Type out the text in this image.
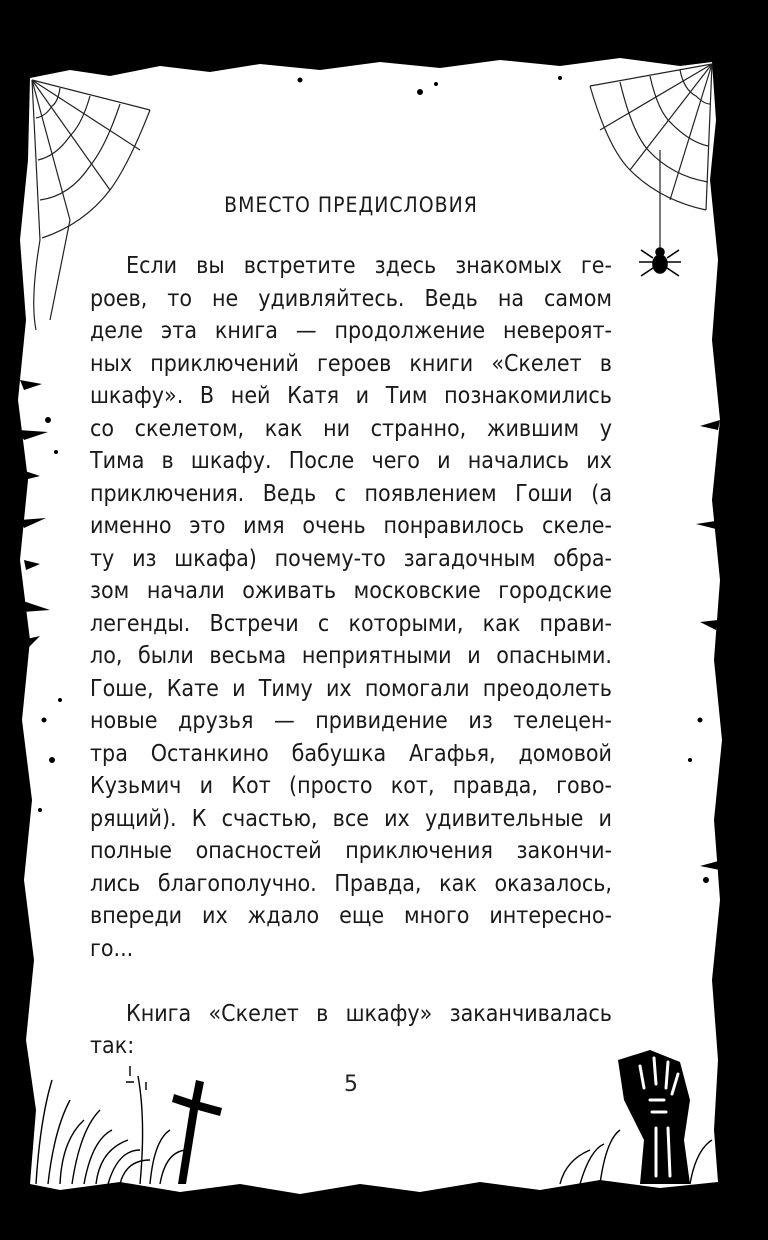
ВМЕСТО ПРЕДИСЛОВИЯ
Если вы встретите здесь знакомых ге-
роев, то не удивляйтесь. Ведь на самом
деле эта книга — продолжение невероят-
ных приключений героев книги «Скелет в
шкафу». В ней Катя и Тим познакомились
со скелетом, как ни странно, жившим у
Тима в шкафу. После чего и начались их
приключения. Ведь с появлением Гоши (а
именно это имя очень понравилось скеле-
ту из шкафа) почему-то загадочным обра-
зом начали оживать московские городские
легенды. Встречи с которыми, как прави-
ло, были весьма неприятными и опасными.
Гоше, Кате и Тиму их помогали преодолеть
новые друзья — привидение из телецен-
тра Останкино бабушка Агафья, домовой
Кузьмич и Кот (просто кот, правда, гово-
рящий). К счастью, все их удивительные и
полные опасностей приключения закончи-
лись благополучно. Правда, как оказалось,
впереди их ждало еще много интересно-
го...
Книга «Скелет в шкафу» заканчивалась
так:
5
